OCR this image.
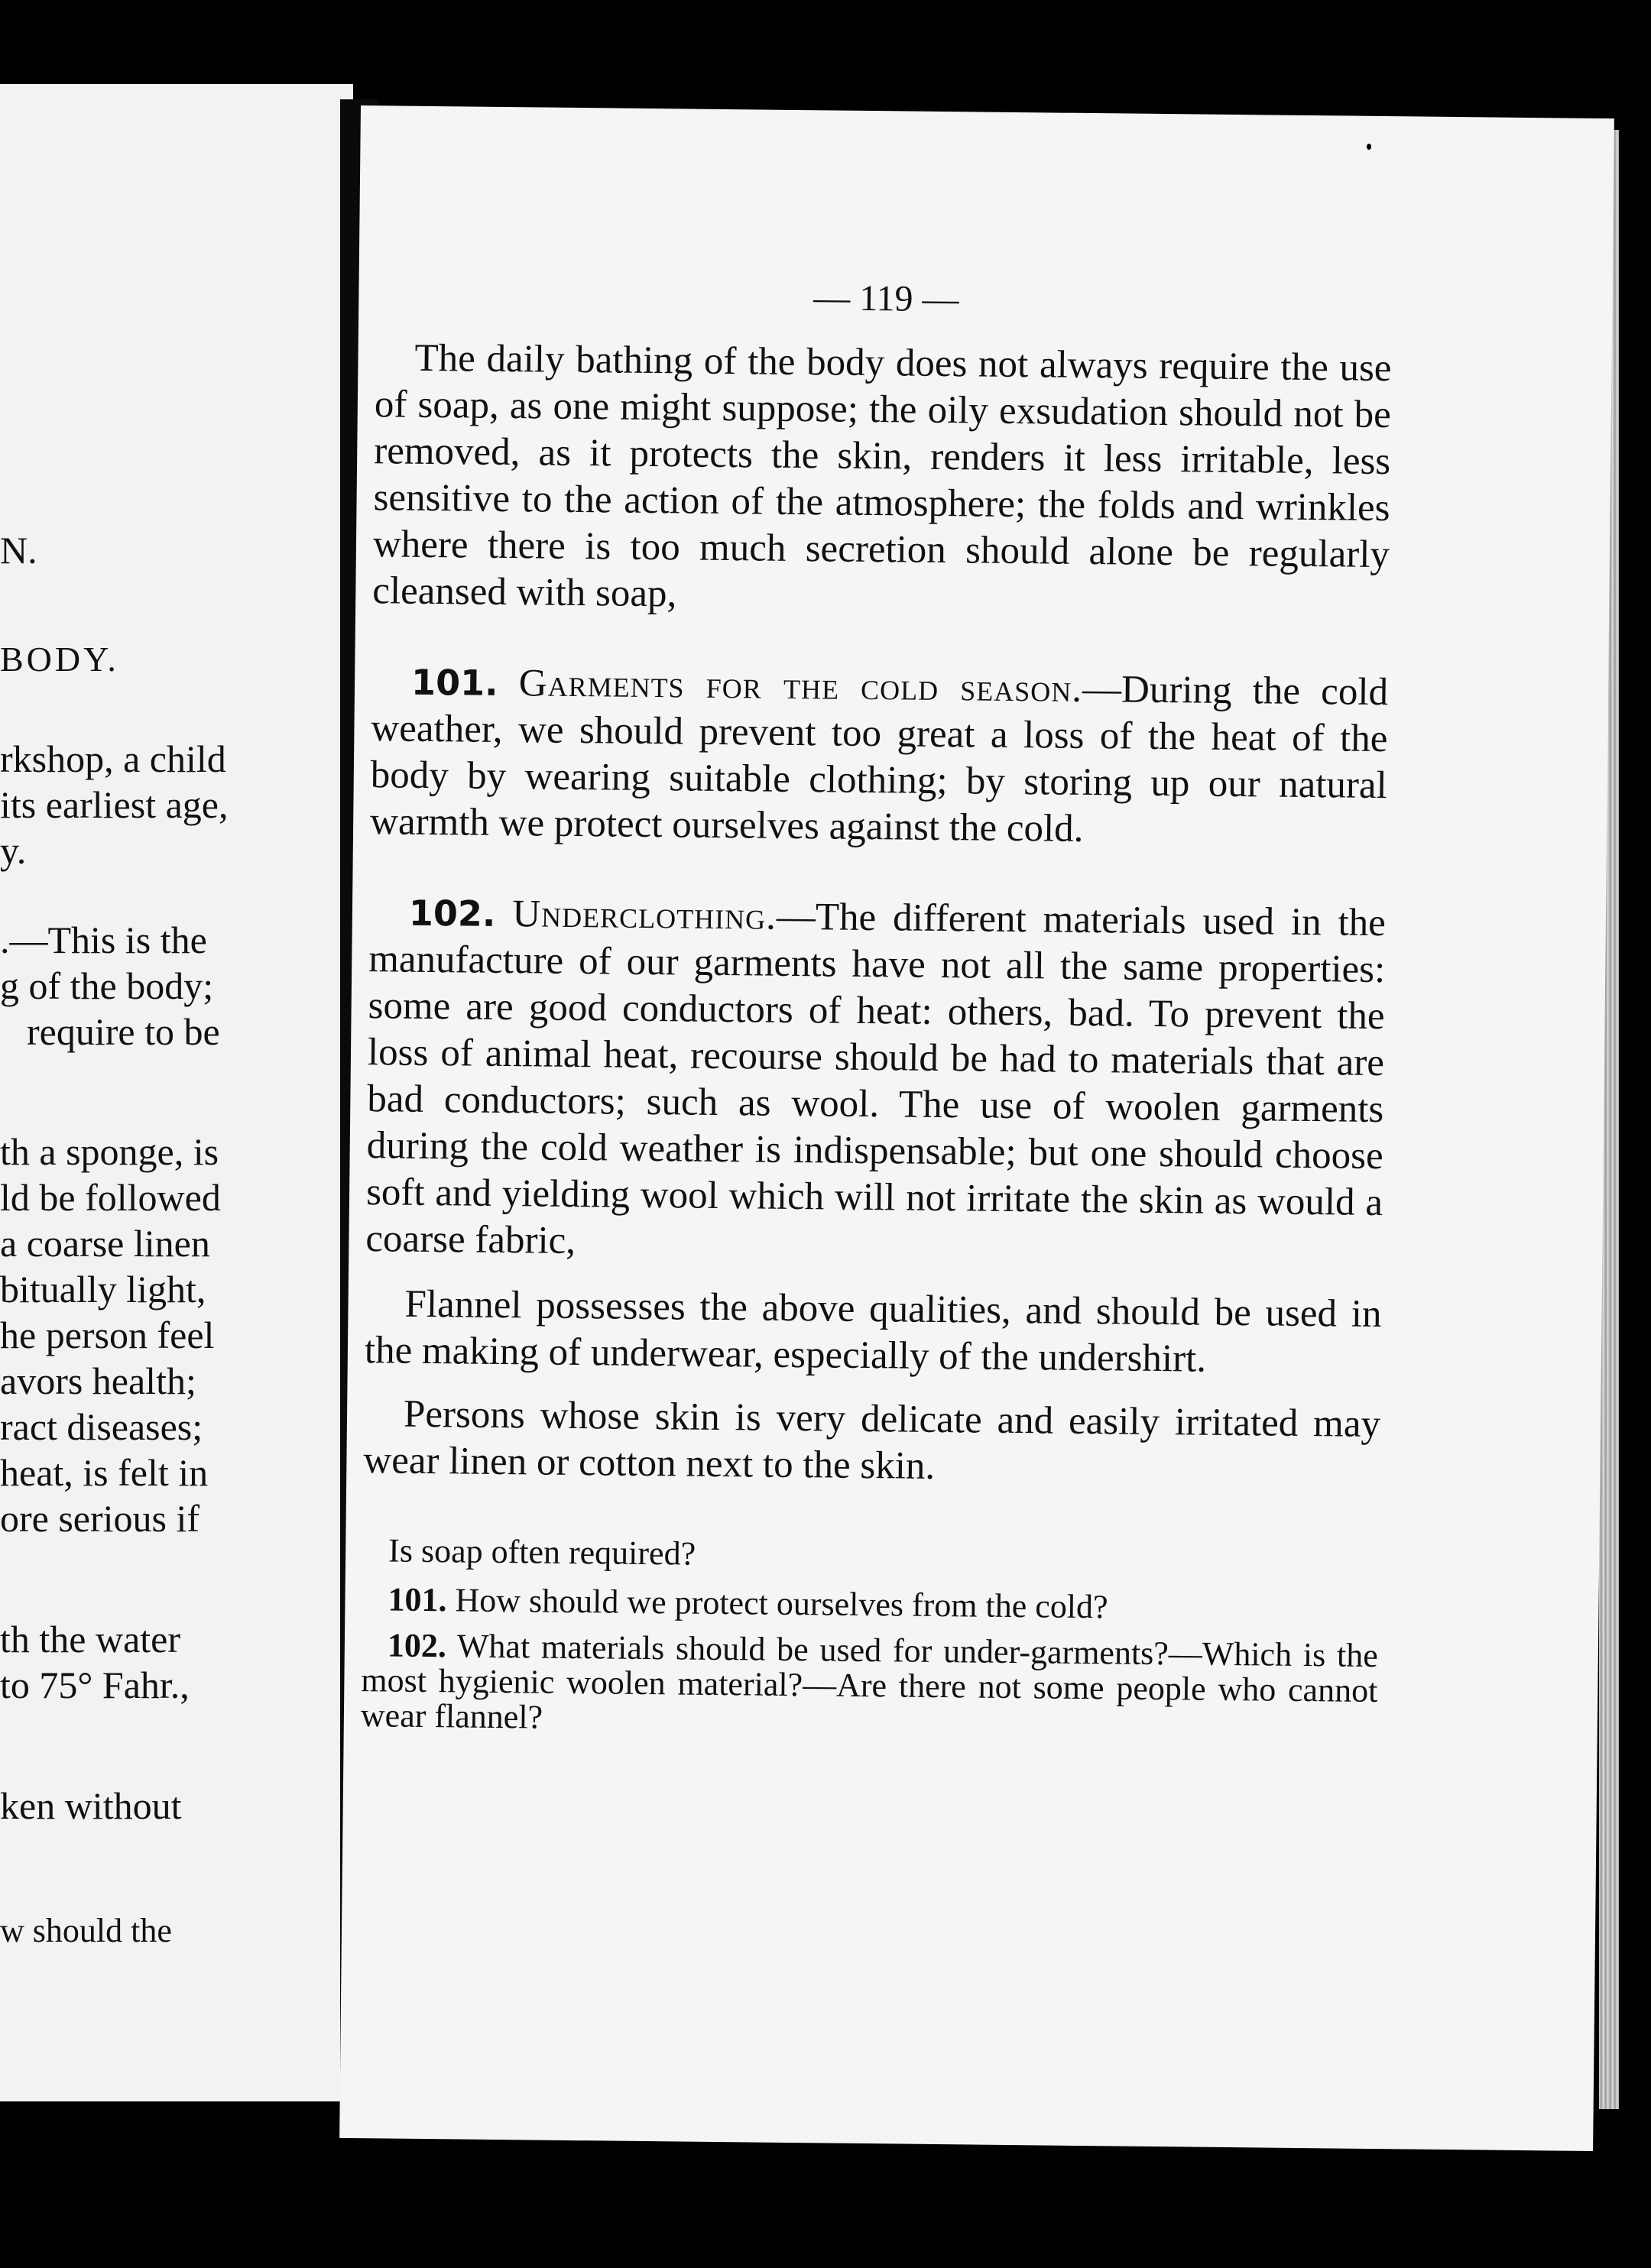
N.
BODY.
rkshop, a child
its earliest age,
y.
.—This is the
g of the body;
require to be
th a sponge, is
ld be followed
a coarse linen
bitually light,
he person feel
avors health;
ract diseases;
heat, is felt in
ore serious if
th the water
to 75° Fahr.,
ken without
w should the
— 119 —

The daily bathing of the body does not always require the use of soap, as one might suppose; the oily exsudation should not be removed, as it protects the skin, renders it less irritable, less sensitive to the action of the atmosphere; the folds and wrinkles where there is too much secretion should alone be regularly cleansed with soap,

101. Garments for the cold season.—During the cold weather, we should prevent too great a loss of the heat of the body by wearing suitable clothing; by storing up our natural warmth we protect ourselves against the cold.

102. Underclothing.—The different materials used in the manufacture of our garments have not all the same properties: some are good conductors of heat: others, bad. To prevent the loss of animal heat, recourse should be had to materials that are bad conductors; such as wool. The use of woolen garments during the cold weather is indispensable; but one should choose soft and yielding wool which will not irritate the skin as would a coarse fabric,

Flannel possesses the above qualities, and should be used in the making of underwear, especially of the undershirt.

Persons whose skin is very delicate and easily irritated may wear linen or cotton next to the skin.

Is soap often required?

101. How should we protect ourselves from the cold?

102. What materials should be used for under-garments?—Which is the most hygienic woolen material?—Are there not some people who cannot wear flannel?
